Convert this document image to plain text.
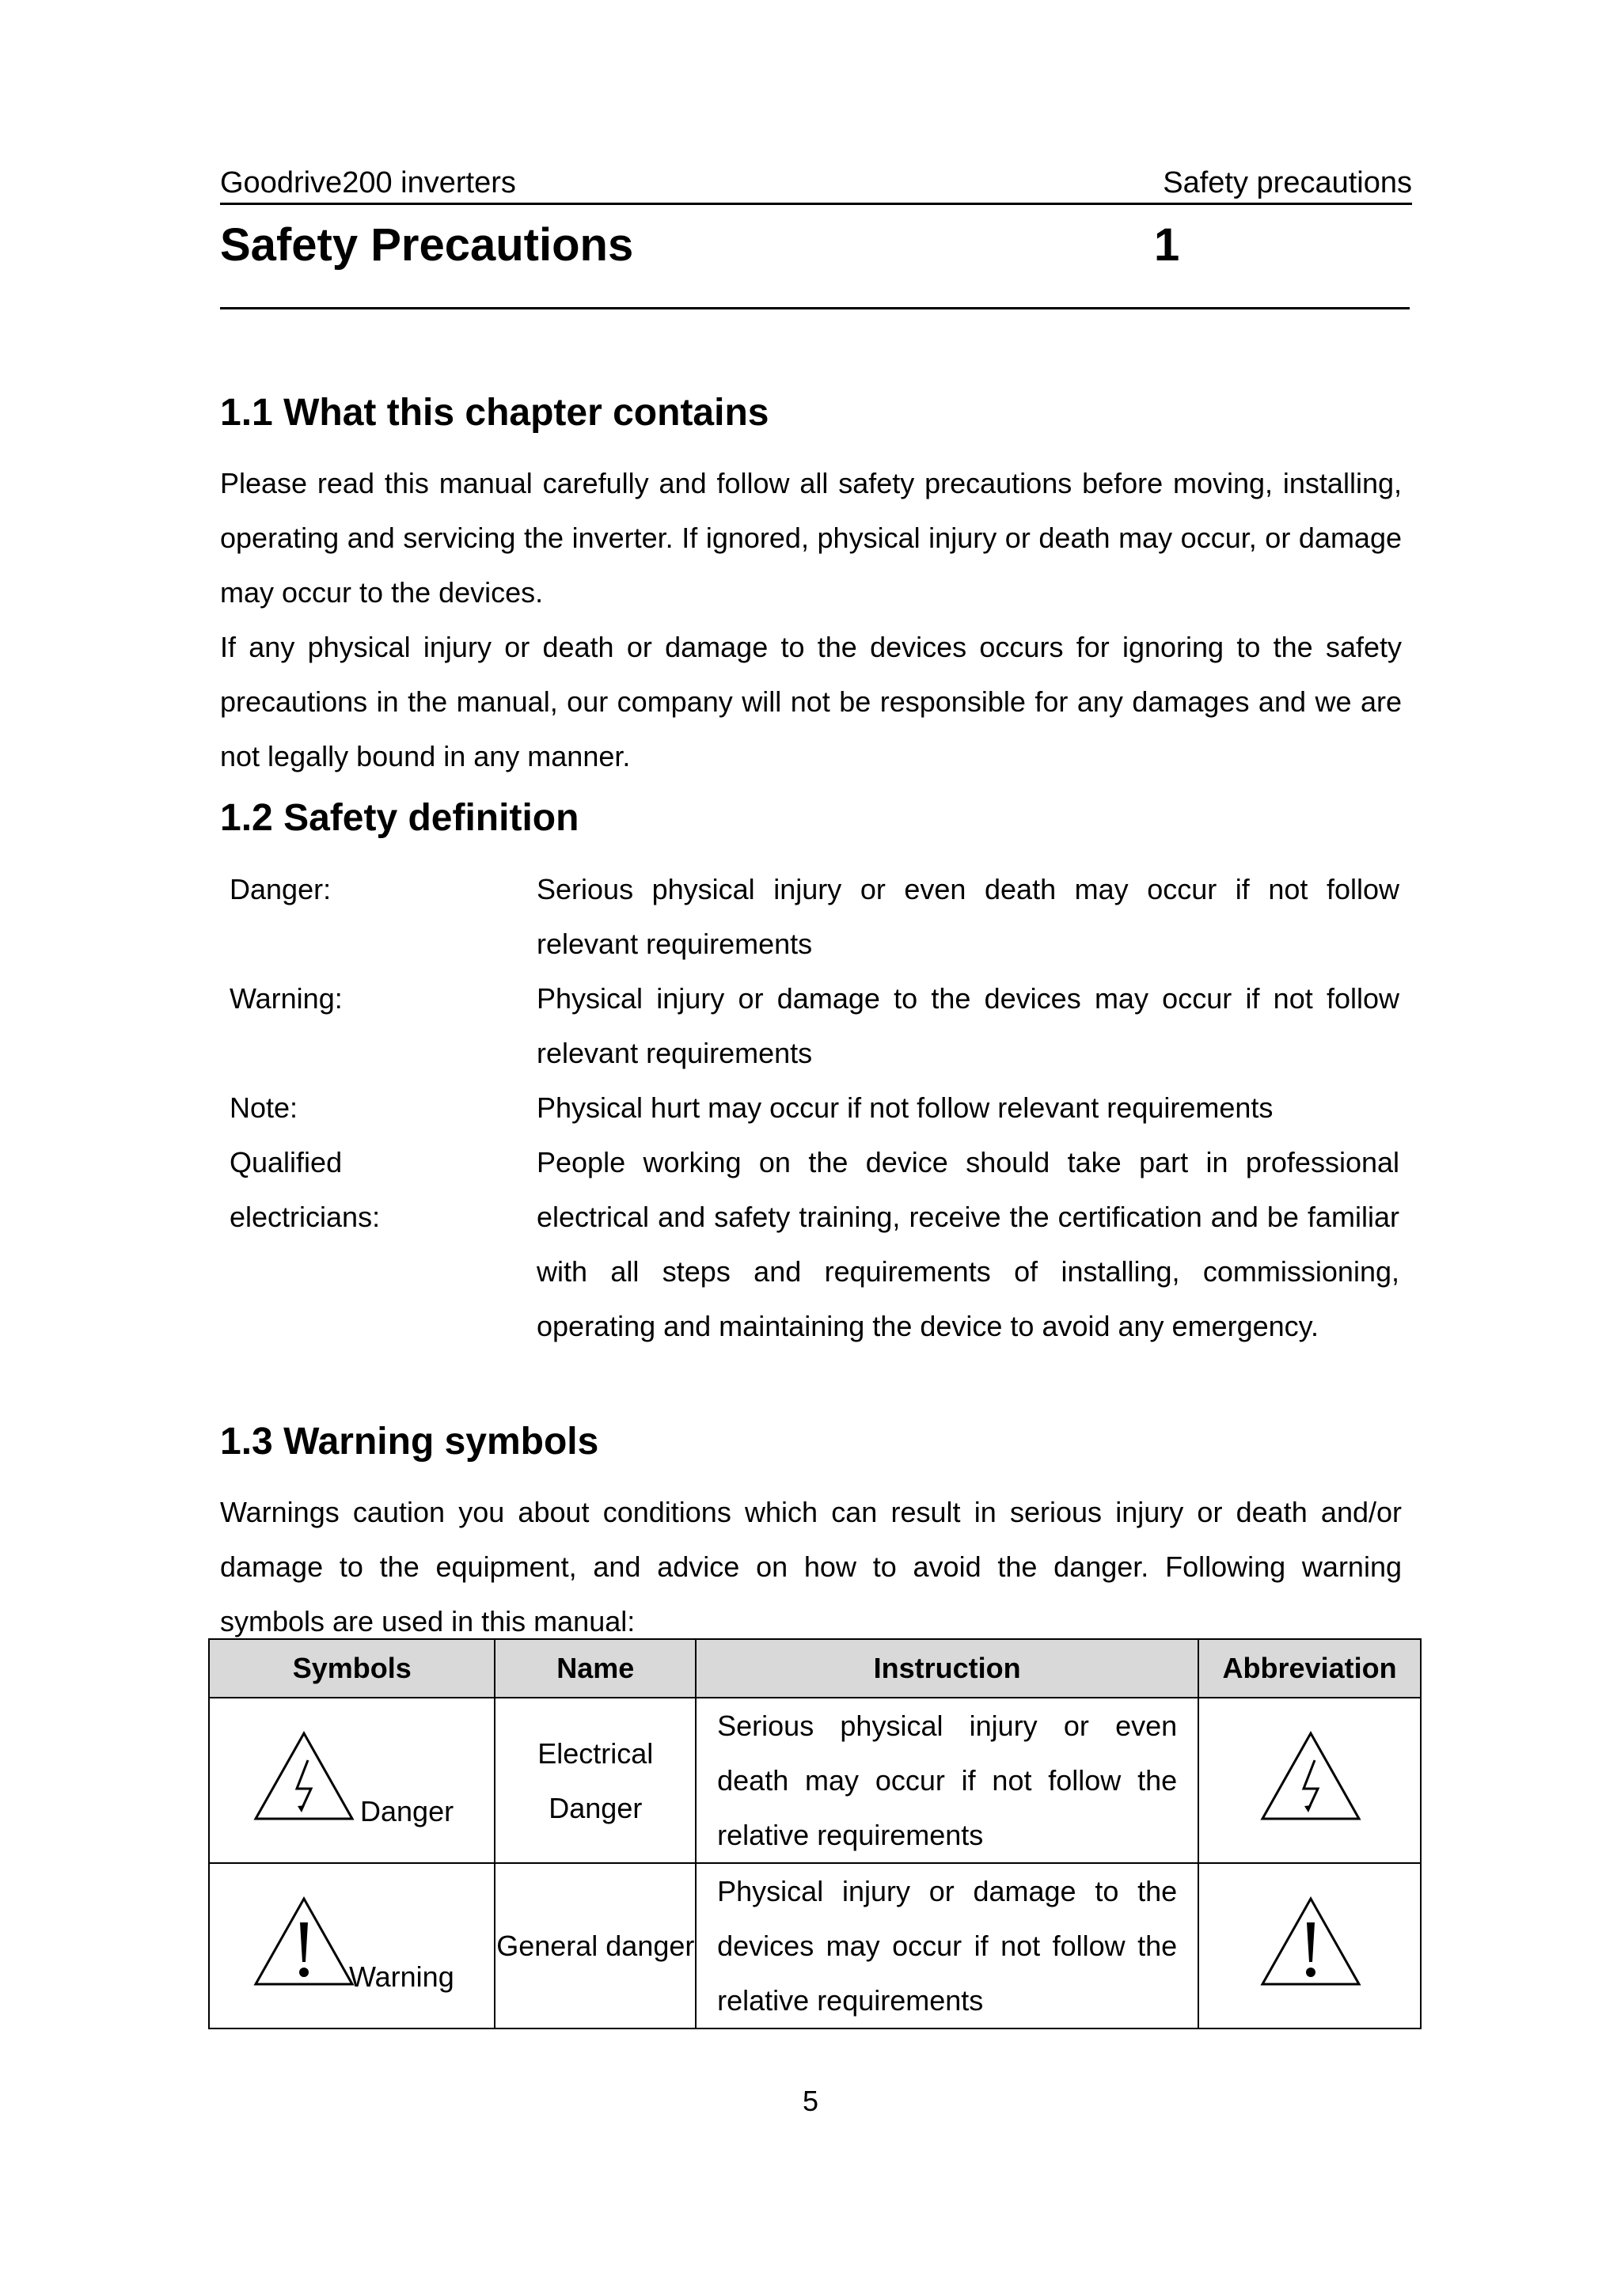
Goodrive200 inverters	Safety precautions
Safety Precautions	1
1.1 What this chapter contains

Please read this manual carefully and follow all safety precautions before moving, installing, operating and servicing the inverter. If ignored, physical injury or death may occur, or damage may occur to the devices.

If any physical injury or death or damage to the devices occurs for ignoring to the safety precautions in the manual, our company will not be responsible for any damages and we are not legally bound in any manner.

1.2 Safety definition
Danger:	Serious physical injury or even death may occur if not follow relevant requirements
Warning:	Physical injury or damage to the devices may occur if not follow relevant requirements
Note:	Physical hurt may occur if not follow relevant requirements
Qualified electricians:
People working on the device should take part in professional electrical and safety training, receive the certification and be familiar with all steps and requirements of installing, commissioning, operating and maintaining the device to avoid any emergency.
1.3 Warning symbols

Warnings caution you about conditions which can result in serious injury or death and/or damage to the equipment, and advice on how to avoid the danger. Following warning symbols are used in this manual:

Symbols	Name	Instruction	Abbreviation

Danger	Electrical Danger	Serious physical injury or even death may occur if not follow the relative requirements	

Warning	General danger	Physical injury or damage to the devices may occur if not follow the relative requirements	
5
